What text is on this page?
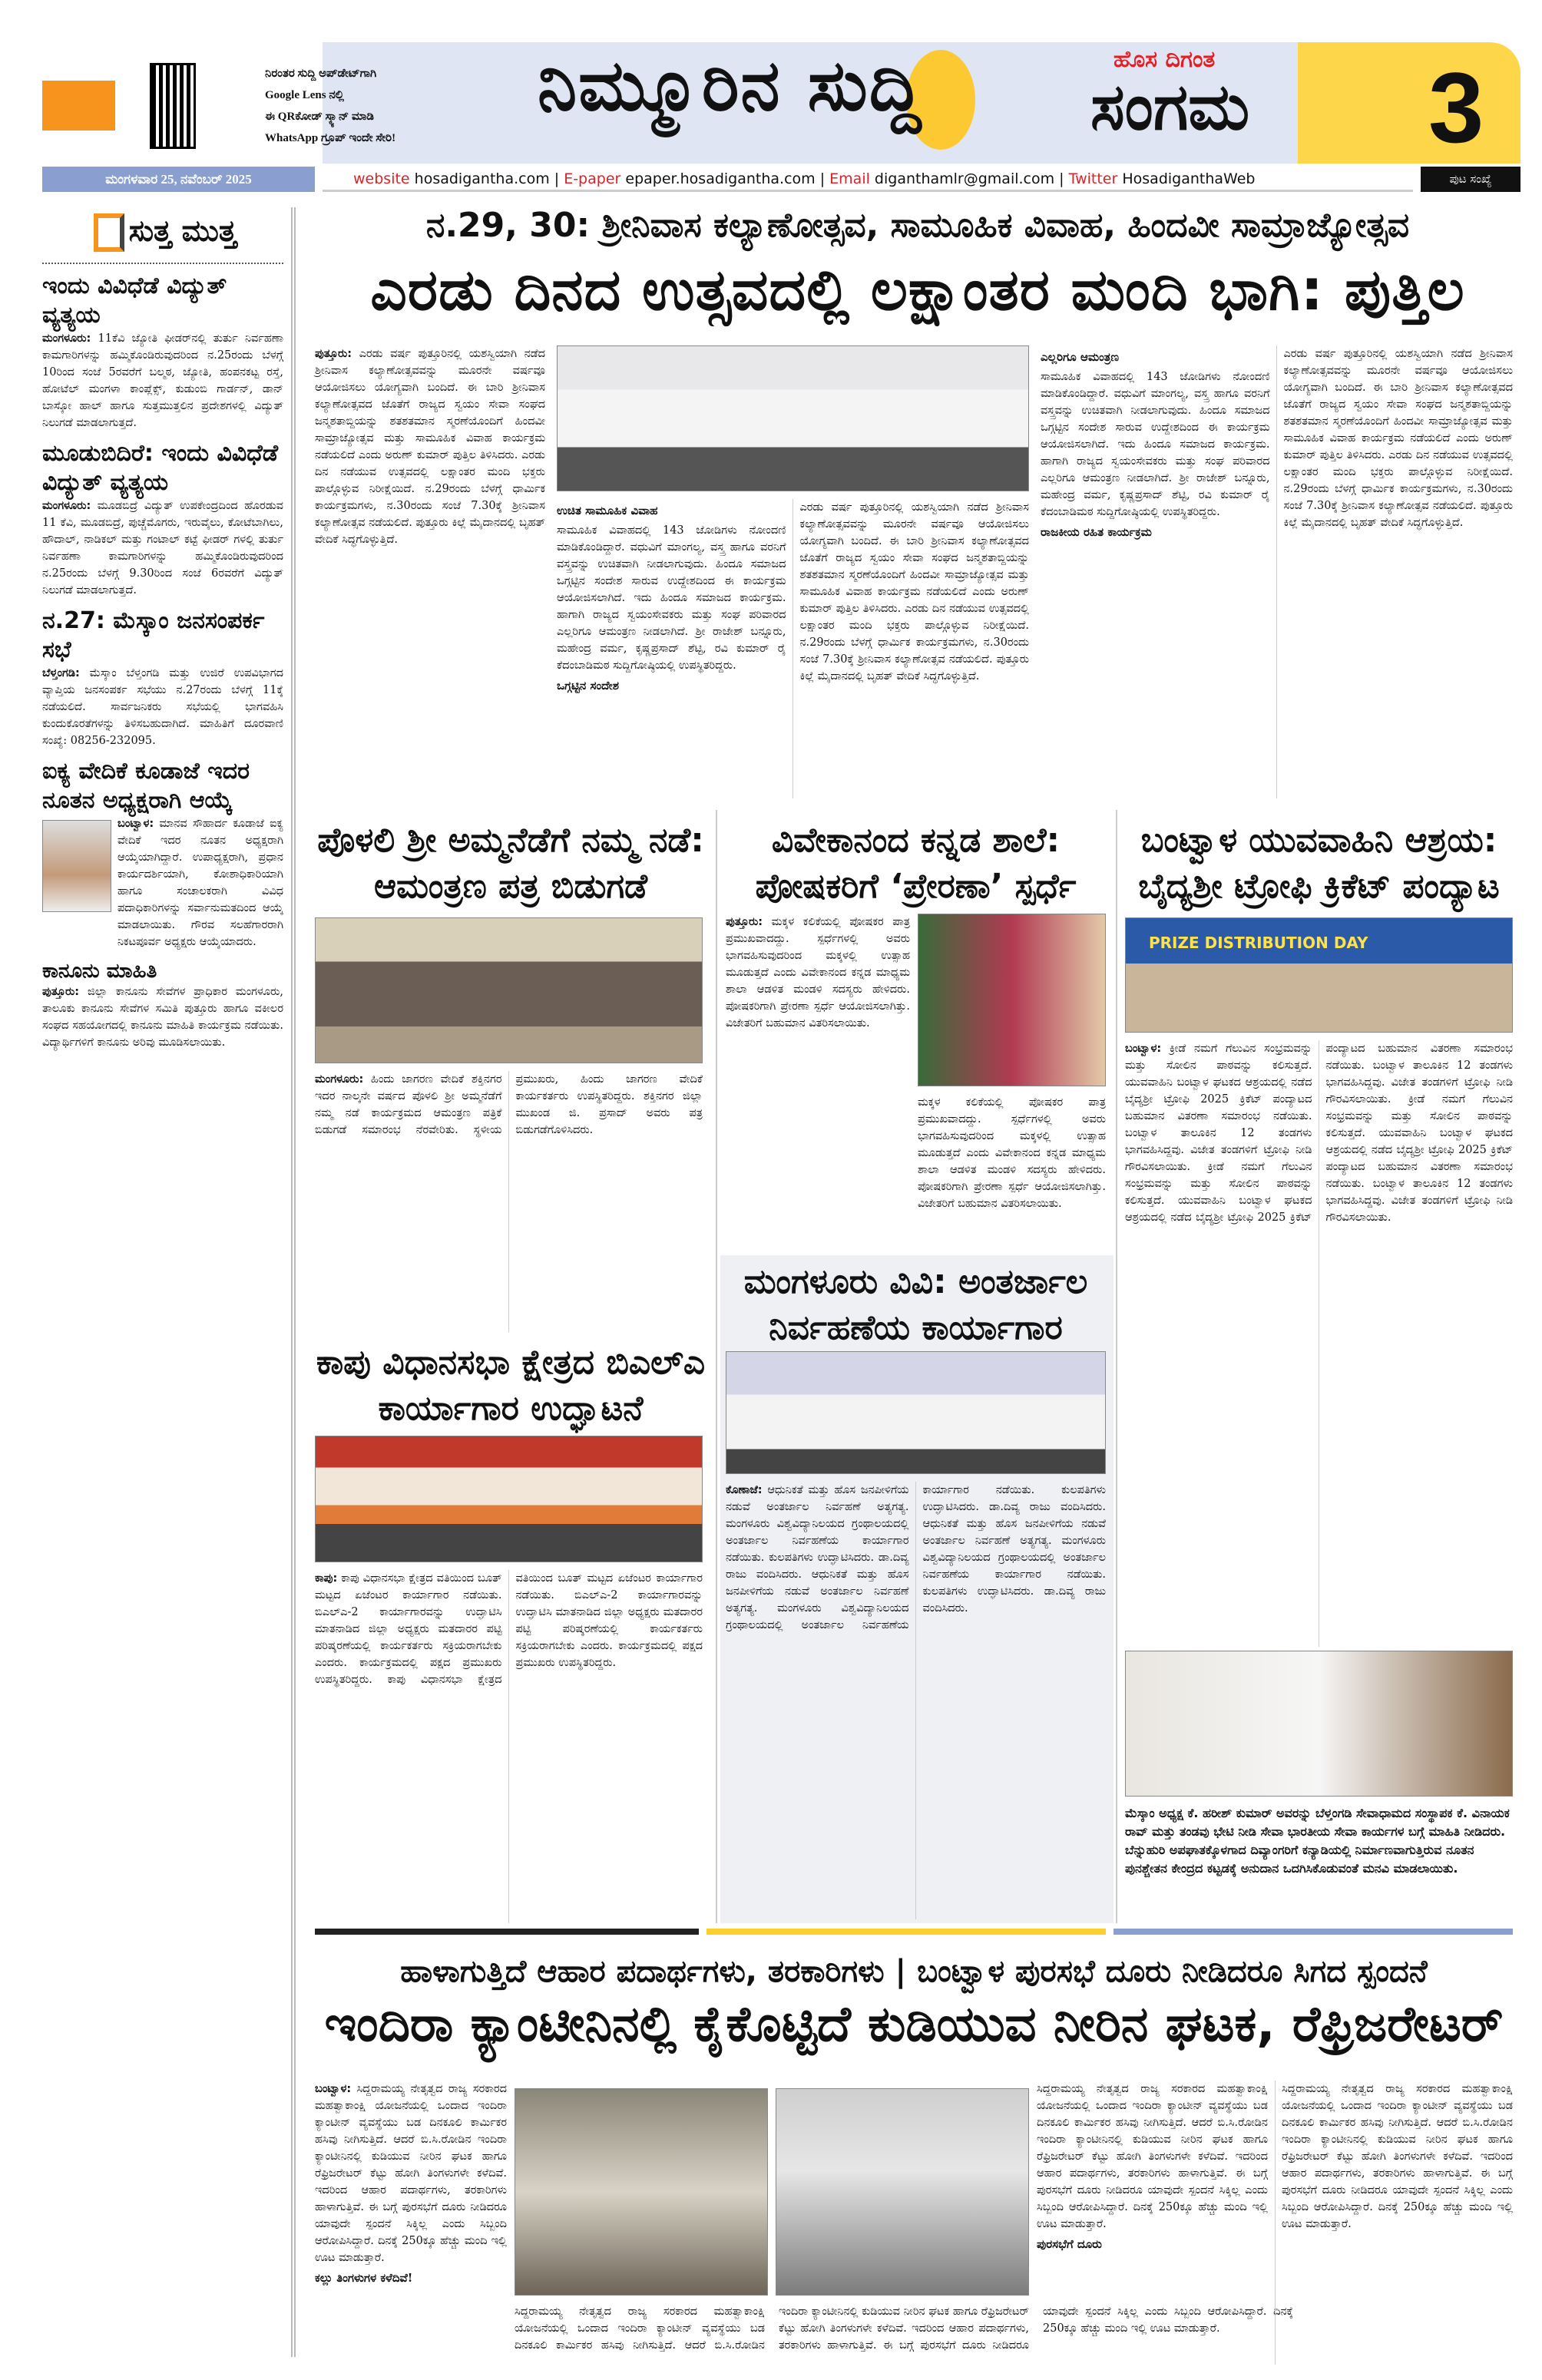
ನಿರಂತರ ಸುದ್ದಿ ಅಪ್‌ಡೇಟ್‌ಗಾಗಿ
Google Lens ನಲ್ಲಿ
ಈ QRಕೋಡ್ ಸ್ಕ್ಯಾನ್ ಮಾಡಿ
WhatsApp ಗ್ರೂಪ್ ಇಂದೇ ಸೇರಿ!
ನಿಮ್ಮೂರಿನ ಸುದ್ದಿ	ಹೊಸ ದಿಗಂತ
ಸಂಗಮ 3
ಮಂಗಳವಾರ 25, ನವೆಂಬರ್ 2025	website hosadigantha.com | E-paper epaper.hosadigantha.com | Email diganthamlr@gmail.com | Twitter HosadiganthaWeb	ಪುಟ ಸಂಖ್ಯೆ
ಸುತ್ತ ಮುತ್ತ
ಇಂದು ವಿವಿಧೆಡೆ ವಿದ್ಯುತ್ ವ್ಯತ್ಯಯ

ಮಂಗಳೂರು: 11ಕೆವಿ ಜ್ಯೋತಿ ಫೀಡರ್‌ನಲ್ಲಿ ತುರ್ತು ನಿರ್ವಹಣಾ ಕಾಮಗಾರಿಗಳನ್ನು ಹಮ್ಮಿಕೊಂಡಿರುವುದರಿಂದ ನ.25ರಂದು ಬೆಳಗ್ಗೆ 10ರಿಂದ ಸಂಜೆ 5ರವರೆಗೆ ಬಲ್ಮಠ, ಜ್ಯೋತಿ, ಹಂಪನಕಟ್ಟ ರಸ್ತೆ, ಹೋಟೆಲ್ ಮಂಗಳಾ ಕಾಂಪ್ಲೆಕ್ಸ್, ಕುಡುಂಬಿ ಗಾರ್ಡನ್, ಡಾನ್ ಬಾಸ್ಕೋ ಹಾಲ್ ಹಾಗೂ ಸುತ್ತಮುತ್ತಲಿನ ಪ್ರದೇಶಗಳಲ್ಲಿ ವಿದ್ಯುತ್ ನಿಲುಗಡೆ ಮಾಡಲಾಗುತ್ತದೆ.

ಮೂಡುಬಿದಿರೆ: ಇಂದು ವಿವಿಧೆಡೆ ವಿದ್ಯುತ್ ವ್ಯತ್ಯಯ

ಮಂಗಳೂರು: ಮೂಡಬಿದ್ರೆ ವಿದ್ಯುತ್ ಉಪಕೇಂದ್ರದಿಂದ ಹೊರಡುವ 11 ಕೆವಿ, ಮೂಡಬಿದ್ರೆ, ಪುಚ್ಚೆಮೊಗರು, ಇರುವೈಲು, ಕೋಟೆಬಾಗಿಲು, ಹೌದಾಲ್, ನಾಡಿಕಲ್ ಮತ್ತು ಗಂಟಾಲ್ ಕಟ್ಟೆ ಫೀಡರ್ ಗಳಲ್ಲಿ ತುರ್ತು ನಿರ್ವಹಣಾ ಕಾಮಗಾರಿಗಳನ್ನು ಹಮ್ಮಿಕೊಂಡಿರುವುದರಿಂದ ನ.25ರಂದು ಬೆಳಗ್ಗೆ 9.30ರಿಂದ ಸಂಜೆ 6ರವರೆಗೆ ವಿದ್ಯುತ್ ನಿಲುಗಡೆ ಮಾಡಲಾಗುತ್ತದೆ.

ನ.27: ಮೆಸ್ಕಾಂ ಜನಸಂಪರ್ಕ ಸಭೆ

ಬೆಳ್ತಂಗಡಿ: ಮೆಸ್ಕಾಂ ಬೆಳ್ತಂಗಡಿ ಮತ್ತು ಉಜಿರೆ ಉಪವಿಭಾಗದ ವ್ಯಾಪ್ತಿಯ ಜನಸಂಪರ್ಕ ಸಭೆಯು ನ.27ರಂದು ಬೆಳಗ್ಗೆ 11ಕ್ಕೆ ನಡೆಯಲಿದೆ. ಸಾರ್ವಜನಿಕರು ಸಭೆಯಲ್ಲಿ ಭಾಗವಹಿಸಿ ಕುಂದುಕೊರತೆಗಳನ್ನು ತಿಳಿಸಬಹುದಾಗಿದೆ. ಮಾಹಿತಿಗೆ ದೂರವಾಣಿ ಸಂಖ್ಯೆ: 08256-232095.

ಐಕ್ಯ ವೇದಿಕೆ ಕೂಡಾಜೆ ಇದರ ನೂತನ ಅಧ್ಯಕ್ಷರಾಗಿ ಆಯ್ಕೆ

ಬಂಟ್ವಾಳ: ಮಾನವ ಸೌಹಾರ್ದ ಕೂಡಾಜೆ ಐಕ್ಯ ವೇದಿಕೆ ಇದರ ನೂತನ ಅಧ್ಯಕ್ಷರಾಗಿ ಆಯ್ಕೆಯಾಗಿದ್ದಾರೆ. ಉಪಾಧ್ಯಕ್ಷರಾಗಿ, ಪ್ರಧಾನ ಕಾರ್ಯದರ್ಶಿಯಾಗಿ, ಕೋಶಾಧಿಕಾರಿಯಾಗಿ ಹಾಗೂ ಸಂಚಾಲಕರಾಗಿ ವಿವಿಧ ಪದಾಧಿಕಾರಿಗಳನ್ನು ಸರ್ವಾನುಮತದಿಂದ ಆಯ್ಕೆ ಮಾಡಲಾಯಿತು. ಗೌರವ ಸಲಹೆಗಾರರಾಗಿ ನಿಕಟಪೂರ್ವ ಅಧ್ಯಕ್ಷರು ಆಯ್ಕೆಯಾದರು.

ಕಾನೂನು ಮಾಹಿತಿ

ಪುತ್ತೂರು: ಜಿಲ್ಲಾ ಕಾನೂನು ಸೇವೆಗಳ ಪ್ರಾಧಿಕಾರ ಮಂಗಳೂರು, ತಾಲೂಕು ಕಾನೂನು ಸೇವೆಗಳ ಸಮಿತಿ ಪುತ್ತೂರು ಹಾಗೂ ವಕೀಲರ ಸಂಘದ ಸಹಯೋಗದಲ್ಲಿ ಕಾನೂನು ಮಾಹಿತಿ ಕಾರ್ಯಕ್ರಮ ನಡೆಯಿತು. ವಿದ್ಯಾರ್ಥಿಗಳಿಗೆ ಕಾನೂನು ಅರಿವು ಮೂಡಿಸಲಾಯಿತು.

ನ.29, 30: ಶ್ರೀನಿವಾಸ ಕಲ್ಯಾಣೋತ್ಸವ, ಸಾಮೂಹಿಕ ವಿವಾಹ, ಹಿಂದವೀ ಸಾಮ್ರಾಜ್ಯೋತ್ಸವ
ಎರಡು ದಿನದ ಉತ್ಸವದಲ್ಲಿ ಲಕ್ಷಾಂತರ ಮಂದಿ ಭಾಗಿ: ಪುತ್ತಿಲ
ಪುತ್ತೂರು: ಎರಡು ವರ್ಷ ಪುತ್ತೂರಿನಲ್ಲಿ ಯಶಸ್ವಿಯಾಗಿ ನಡೆದ ಶ್ರೀನಿವಾಸ ಕಲ್ಯಾಣೋತ್ಸವವನ್ನು ಮೂರನೇ ವರ್ಷವೂ ಆಯೋಜಿಸಲು ಯೋಗ್ಯವಾಗಿ ಬಂದಿದೆ. ಈ ಬಾರಿ ಶ್ರೀನಿವಾಸ ಕಲ್ಯಾಣೋತ್ಸವದ ಜೊತೆಗೆ ರಾಜ್ಯದ ಸ್ವಯಂ ಸೇವಾ ಸಂಘದ ಜನ್ಮಶತಾಬ್ದಿಯನ್ನು ಶತಶತಮಾನ ಸ್ಮರಣೆಯೊಂದಿಗೆ ಹಿಂದವೀ ಸಾಮ್ರಾಜ್ಯೋತ್ಸವ ಮತ್ತು ಸಾಮೂಹಿಕ ವಿವಾಹ ಕಾರ್ಯಕ್ರಮ ನಡೆಯಲಿದೆ ಎಂದು ಅರುಣ್ ಕುಮಾರ್ ಪುತ್ತಿಲ ತಿಳಿಸಿದರು. ಎರಡು ದಿನ ನಡೆಯುವ ಉತ್ಸವದಲ್ಲಿ ಲಕ್ಷಾಂತರ ಮಂದಿ ಭಕ್ತರು ಪಾಲ್ಗೊಳ್ಳುವ ನಿರೀಕ್ಷೆಯಿದೆ. ನ.29ರಂದು ಬೆಳಗ್ಗೆ ಧಾರ್ಮಿಕ ಕಾರ್ಯಕ್ರಮಗಳು, ನ.30ರಂದು ಸಂಜೆ 7.30ಕ್ಕೆ ಶ್ರೀನಿವಾಸ ಕಲ್ಯಾಣೋತ್ಸವ ನಡೆಯಲಿದೆ. ಪುತ್ತೂರು ಕಿಲ್ಲೆ ಮೈದಾನದಲ್ಲಿ ಬೃಹತ್ ವೇದಿಕೆ ಸಿದ್ಧಗೊಳ್ಳುತ್ತಿದೆ.
ಉಚಿತ ಸಾಮೂಹಿಕ ವಿವಾಹ
ಸಾಮೂಹಿಕ ವಿವಾಹದಲ್ಲಿ 143 ಜೋಡಿಗಳು ನೋಂದಣಿ ಮಾಡಿಕೊಂಡಿದ್ದಾರೆ. ವಧುವಿಗೆ ಮಾಂಗಲ್ಯ, ವಸ್ತ್ರ ಹಾಗೂ ವರನಿಗೆ ವಸ್ತ್ರವನ್ನು ಉಚಿತವಾಗಿ ನೀಡಲಾಗುವುದು. ಹಿಂದೂ ಸಮಾಜದ ಒಗ್ಗಟ್ಟಿನ ಸಂದೇಶ ಸಾರುವ ಉದ್ದೇಶದಿಂದ ಈ ಕಾರ್ಯಕ್ರಮ ಆಯೋಜಿಸಲಾಗಿದೆ. ಇದು ಹಿಂದೂ ಸಮಾಜದ ಕಾರ್ಯಕ್ರಮ. ಹಾಗಾಗಿ ರಾಜ್ಯದ ಸ್ವಯಂಸೇವಕರು ಮತ್ತು ಸಂಘ ಪರಿವಾರದ ಎಲ್ಲರಿಗೂ ಆಮಂತ್ರಣ ನೀಡಲಾಗಿದೆ. ಶ್ರೀ ರಾಜೇಶ್ ಬನ್ನೂರು, ಮಹೇಂದ್ರ ವರ್ಮ, ಕೃಷ್ಣಪ್ರಸಾದ್ ಶೆಟ್ಟಿ, ರವಿ ಕುಮಾರ್ ರೈ ಕೆದಂಬಾಡಿಮಠ ಸುದ್ದಿಗೋಷ್ಠಿಯಲ್ಲಿ ಉಪಸ್ಥಿತರಿದ್ದರು.
ಒಗ್ಗಟ್ಟಿನ ಸಂದೇಶ
ಎರಡು ವರ್ಷ ಪುತ್ತೂರಿನಲ್ಲಿ ಯಶಸ್ವಿಯಾಗಿ ನಡೆದ ಶ್ರೀನಿವಾಸ ಕಲ್ಯಾಣೋತ್ಸವವನ್ನು ಮೂರನೇ ವರ್ಷವೂ ಆಯೋಜಿಸಲು ಯೋಗ್ಯವಾಗಿ ಬಂದಿದೆ. ಈ ಬಾರಿ ಶ್ರೀನಿವಾಸ ಕಲ್ಯಾಣೋತ್ಸವದ ಜೊತೆಗೆ ರಾಜ್ಯದ ಸ್ವಯಂ ಸೇವಾ ಸಂಘದ ಜನ್ಮಶತಾಬ್ದಿಯನ್ನು ಶತಶತಮಾನ ಸ್ಮರಣೆಯೊಂದಿಗೆ ಹಿಂದವೀ ಸಾಮ್ರಾಜ್ಯೋತ್ಸವ ಮತ್ತು ಸಾಮೂಹಿಕ ವಿವಾಹ ಕಾರ್ಯಕ್ರಮ ನಡೆಯಲಿದೆ ಎಂದು ಅರುಣ್ ಕುಮಾರ್ ಪುತ್ತಿಲ ತಿಳಿಸಿದರು. ಎರಡು ದಿನ ನಡೆಯುವ ಉತ್ಸವದಲ್ಲಿ ಲಕ್ಷಾಂತರ ಮಂದಿ ಭಕ್ತರು ಪಾಲ್ಗೊಳ್ಳುವ ನಿರೀಕ್ಷೆಯಿದೆ. ನ.29ರಂದು ಬೆಳಗ್ಗೆ ಧಾರ್ಮಿಕ ಕಾರ್ಯಕ್ರಮಗಳು, ನ.30ರಂದು ಸಂಜೆ 7.30ಕ್ಕೆ ಶ್ರೀನಿವಾಸ ಕಲ್ಯಾಣೋತ್ಸವ ನಡೆಯಲಿದೆ. ಪುತ್ತೂರು ಕಿಲ್ಲೆ ಮೈದಾನದಲ್ಲಿ ಬೃಹತ್ ವೇದಿಕೆ ಸಿದ್ಧಗೊಳ್ಳುತ್ತಿದೆ.
ಎಲ್ಲರಿಗೂ ಆಮಂತ್ರಣ
ಸಾಮೂಹಿಕ ವಿವಾಹದಲ್ಲಿ 143 ಜೋಡಿಗಳು ನೋಂದಣಿ ಮಾಡಿಕೊಂಡಿದ್ದಾರೆ. ವಧುವಿಗೆ ಮಾಂಗಲ್ಯ, ವಸ್ತ್ರ ಹಾಗೂ ವರನಿಗೆ ವಸ್ತ್ರವನ್ನು ಉಚಿತವಾಗಿ ನೀಡಲಾಗುವುದು. ಹಿಂದೂ ಸಮಾಜದ ಒಗ್ಗಟ್ಟಿನ ಸಂದೇಶ ಸಾರುವ ಉದ್ದೇಶದಿಂದ ಈ ಕಾರ್ಯಕ್ರಮ ಆಯೋಜಿಸಲಾಗಿದೆ. ಇದು ಹಿಂದೂ ಸಮಾಜದ ಕಾರ್ಯಕ್ರಮ. ಹಾಗಾಗಿ ರಾಜ್ಯದ ಸ್ವಯಂಸೇವಕರು ಮತ್ತು ಸಂಘ ಪರಿವಾರದ ಎಲ್ಲರಿಗೂ ಆಮಂತ್ರಣ ನೀಡಲಾಗಿದೆ. ಶ್ರೀ ರಾಜೇಶ್ ಬನ್ನೂರು, ಮಹೇಂದ್ರ ವರ್ಮ, ಕೃಷ್ಣಪ್ರಸಾದ್ ಶೆಟ್ಟಿ, ರವಿ ಕುಮಾರ್ ರೈ ಕೆದಂಬಾಡಿಮಠ ಸುದ್ದಿಗೋಷ್ಠಿಯಲ್ಲಿ ಉಪಸ್ಥಿತರಿದ್ದರು.
ರಾಜಕೀಯ ರಹಿತ ಕಾರ್ಯಕ್ರಮ
ಎರಡು ವರ್ಷ ಪುತ್ತೂರಿನಲ್ಲಿ ಯಶಸ್ವಿಯಾಗಿ ನಡೆದ ಶ್ರೀನಿವಾಸ ಕಲ್ಯಾಣೋತ್ಸವವನ್ನು ಮೂರನೇ ವರ್ಷವೂ ಆಯೋಜಿಸಲು ಯೋಗ್ಯವಾಗಿ ಬಂದಿದೆ. ಈ ಬಾರಿ ಶ್ರೀನಿವಾಸ ಕಲ್ಯಾಣೋತ್ಸವದ ಜೊತೆಗೆ ರಾಜ್ಯದ ಸ್ವಯಂ ಸೇವಾ ಸಂಘದ ಜನ್ಮಶತಾಬ್ದಿಯನ್ನು ಶತಶತಮಾನ ಸ್ಮರಣೆಯೊಂದಿಗೆ ಹಿಂದವೀ ಸಾಮ್ರಾಜ್ಯೋತ್ಸವ ಮತ್ತು ಸಾಮೂಹಿಕ ವಿವಾಹ ಕಾರ್ಯಕ್ರಮ ನಡೆಯಲಿದೆ ಎಂದು ಅರುಣ್ ಕುಮಾರ್ ಪುತ್ತಿಲ ತಿಳಿಸಿದರು. ಎರಡು ದಿನ ನಡೆಯುವ ಉತ್ಸವದಲ್ಲಿ ಲಕ್ಷಾಂತರ ಮಂದಿ ಭಕ್ತರು ಪಾಲ್ಗೊಳ್ಳುವ ನಿರೀಕ್ಷೆಯಿದೆ. ನ.29ರಂದು ಬೆಳಗ್ಗೆ ಧಾರ್ಮಿಕ ಕಾರ್ಯಕ್ರಮಗಳು, ನ.30ರಂದು ಸಂಜೆ 7.30ಕ್ಕೆ ಶ್ರೀನಿವಾಸ ಕಲ್ಯಾಣೋತ್ಸವ ನಡೆಯಲಿದೆ. ಪುತ್ತೂರು ಕಿಲ್ಲೆ ಮೈದಾನದಲ್ಲಿ ಬೃಹತ್ ವೇದಿಕೆ ಸಿದ್ಧಗೊಳ್ಳುತ್ತಿದೆ.
ಪೊಳಲಿ ಶ್ರೀ ಅಮ್ಮನೆಡೆಗೆ ನಮ್ಮ ನಡೆ: ಆಮಂತ್ರಣ ಪತ್ರ ಬಿಡುಗಡೆ
ಮಂಗಳೂರು: ಹಿಂದು ಜಾಗರಣ ವೇದಿಕೆ ಶಕ್ತಿನಗರ ಇದರ ನಾಲ್ಕನೇ ವರ್ಷದ ಪೊಳಲಿ ಶ್ರೀ ಅಮ್ಮನೆಡೆಗೆ ನಮ್ಮ ನಡೆ ಕಾರ್ಯಕ್ರಮದ ಆಮಂತ್ರಣ ಪತ್ರಿಕೆ ಬಿಡುಗಡೆ ಸಮಾರಂಭ ನೆರವೇರಿತು. ಸ್ಥಳೀಯ ಪ್ರಮುಖರು, ಹಿಂದು ಜಾಗರಣ ವೇದಿಕೆ ಕಾರ್ಯಕರ್ತರು ಉಪಸ್ಥಿತರಿದ್ದರು. ಶಕ್ತಿನಗರ ಜಿಲ್ಲಾ ಮುಖಂಡ ಜಿ. ಪ್ರಸಾದ್ ಅವರು ಪತ್ರ ಬಿಡುಗಡೆಗೊಳಿಸಿದರು.
ವಿವೇಕಾನಂದ ಕನ್ನಡ ಶಾಲೆ: ಪೋಷಕರಿಗೆ ‘ಪ್ರೇರಣಾ’ ಸ್ಪರ್ಧೆ
ಪುತ್ತೂರು: ಮಕ್ಕಳ ಕಲಿಕೆಯಲ್ಲಿ ಪೋಷಕರ ಪಾತ್ರ ಪ್ರಮುಖವಾದದ್ದು. ಸ್ಪರ್ಧೆಗಳಲ್ಲಿ ಅವರು ಭಾಗವಹಿಸುವುದರಿಂದ ಮಕ್ಕಳಲ್ಲಿ ಉತ್ಸಾಹ ಮೂಡುತ್ತದೆ ಎಂದು ವಿವೇಕಾನಂದ ಕನ್ನಡ ಮಾಧ್ಯಮ ಶಾಲಾ ಆಡಳಿತ ಮಂಡಳಿ ಸದಸ್ಯರು ಹೇಳಿದರು. ಪೋಷಕರಿಗಾಗಿ ಪ್ರೇರಣಾ ಸ್ಪರ್ಧೆ ಆಯೋಜಿಸಲಾಗಿತ್ತು. ವಿಜೇತರಿಗೆ ಬಹುಮಾನ ವಿತರಿಸಲಾಯಿತು.
ಮಕ್ಕಳ ಕಲಿಕೆಯಲ್ಲಿ ಪೋಷಕರ ಪಾತ್ರ ಪ್ರಮುಖವಾದದ್ದು. ಸ್ಪರ್ಧೆಗಳಲ್ಲಿ ಅವರು ಭಾಗವಹಿಸುವುದರಿಂದ ಮಕ್ಕಳಲ್ಲಿ ಉತ್ಸಾಹ ಮೂಡುತ್ತದೆ ಎಂದು ವಿವೇಕಾನಂದ ಕನ್ನಡ ಮಾಧ್ಯಮ ಶಾಲಾ ಆಡಳಿತ ಮಂಡಳಿ ಸದಸ್ಯರು ಹೇಳಿದರು. ಪೋಷಕರಿಗಾಗಿ ಪ್ರೇರಣಾ ಸ್ಪರ್ಧೆ ಆಯೋಜಿಸಲಾಗಿತ್ತು. ವಿಜೇತರಿಗೆ ಬಹುಮಾನ ವಿತರಿಸಲಾಯಿತು.
ಬಂಟ್ವಾಳ ಯುವವಾಹಿನಿ ಆಶ್ರಯ: ಬೈದ್ಯಶ್ರೀ ಟ್ರೋಫಿ ಕ್ರಿಕೆಟ್ ಪಂದ್ಯಾಟ
PRIZE DISTRIBUTION DAY
ಬಂಟ್ವಾಳ: ಕ್ರೀಡೆ ನಮಗೆ ಗೆಲುವಿನ ಸಂಭ್ರಮವನ್ನು ಮತ್ತು ಸೋಲಿನ ಪಾಠವನ್ನು ಕಲಿಸುತ್ತದೆ. ಯುವವಾಹಿನಿ ಬಂಟ್ವಾಳ ಘಟಕದ ಆಶ್ರಯದಲ್ಲಿ ನಡೆದ ಬೈದ್ಯಶ್ರೀ ಟ್ರೋಫಿ 2025 ಕ್ರಿಕೆಟ್ ಪಂದ್ಯಾಟದ ಬಹುಮಾನ ವಿತರಣಾ ಸಮಾರಂಭ ನಡೆಯಿತು. ಬಂಟ್ವಾಳ ತಾಲೂಕಿನ 12 ತಂಡಗಳು ಭಾಗವಹಿಸಿದ್ದವು. ವಿಜೇತ ತಂಡಗಳಿಗೆ ಟ್ರೋಫಿ ನೀಡಿ ಗೌರವಿಸಲಾಯಿತು. ಕ್ರೀಡೆ ನಮಗೆ ಗೆಲುವಿನ ಸಂಭ್ರಮವನ್ನು ಮತ್ತು ಸೋಲಿನ ಪಾಠವನ್ನು ಕಲಿಸುತ್ತದೆ. ಯುವವಾಹಿನಿ ಬಂಟ್ವಾಳ ಘಟಕದ ಆಶ್ರಯದಲ್ಲಿ ನಡೆದ ಬೈದ್ಯಶ್ರೀ ಟ್ರೋಫಿ 2025 ಕ್ರಿಕೆಟ್ ಪಂದ್ಯಾಟದ ಬಹುಮಾನ ವಿತರಣಾ ಸಮಾರಂಭ ನಡೆಯಿತು. ಬಂಟ್ವಾಳ ತಾಲೂಕಿನ 12 ತಂಡಗಳು ಭಾಗವಹಿಸಿದ್ದವು. ವಿಜೇತ ತಂಡಗಳಿಗೆ ಟ್ರೋಫಿ ನೀಡಿ ಗೌರವಿಸಲಾಯಿತು. ಕ್ರೀಡೆ ನಮಗೆ ಗೆಲುವಿನ ಸಂಭ್ರಮವನ್ನು ಮತ್ತು ಸೋಲಿನ ಪಾಠವನ್ನು ಕಲಿಸುತ್ತದೆ. ಯುವವಾಹಿನಿ ಬಂಟ್ವಾಳ ಘಟಕದ ಆಶ್ರಯದಲ್ಲಿ ನಡೆದ ಬೈದ್ಯಶ್ರೀ ಟ್ರೋಫಿ 2025 ಕ್ರಿಕೆಟ್ ಪಂದ್ಯಾಟದ ಬಹುಮಾನ ವಿತರಣಾ ಸಮಾರಂಭ ನಡೆಯಿತು. ಬಂಟ್ವಾಳ ತಾಲೂಕಿನ 12 ತಂಡಗಳು ಭಾಗವಹಿಸಿದ್ದವು. ವಿಜೇತ ತಂಡಗಳಿಗೆ ಟ್ರೋಫಿ ನೀಡಿ ಗೌರವಿಸಲಾಯಿತು.
ಕಾಪು ವಿಧಾನಸಭಾ ಕ್ಷೇತ್ರದ ಬಿಎಲ್‌ಎ ಕಾರ್ಯಾಗಾರ ಉದ್ಘಾಟನೆ
ಕಾಪು: ಕಾಪು ವಿಧಾನಸಭಾ ಕ್ಷೇತ್ರದ ವತಿಯಿಂದ ಬೂತ್ ಮಟ್ಟದ ಏಜೆಂಟರ ಕಾರ್ಯಾಗಾರ ನಡೆಯಿತು. ಬಿಎಲ್‌ಎ-2 ಕಾರ್ಯಾಗಾರವನ್ನು ಉದ್ಘಾಟಿಸಿ ಮಾತನಾಡಿದ ಜಿಲ್ಲಾ ಅಧ್ಯಕ್ಷರು ಮತದಾರರ ಪಟ್ಟಿ ಪರಿಷ್ಕರಣೆಯಲ್ಲಿ ಕಾರ್ಯಕರ್ತರು ಸಕ್ರಿಯರಾಗಬೇಕು ಎಂದರು. ಕಾರ್ಯಕ್ರಮದಲ್ಲಿ ಪಕ್ಷದ ಪ್ರಮುಖರು ಉಪಸ್ಥಿತರಿದ್ದರು. ಕಾಪು ವಿಧಾನಸಭಾ ಕ್ಷೇತ್ರದ ವತಿಯಿಂದ ಬೂತ್ ಮಟ್ಟದ ಏಜೆಂಟರ ಕಾರ್ಯಾಗಾರ ನಡೆಯಿತು. ಬಿಎಲ್‌ಎ-2 ಕಾರ್ಯಾಗಾರವನ್ನು ಉದ್ಘಾಟಿಸಿ ಮಾತನಾಡಿದ ಜಿಲ್ಲಾ ಅಧ್ಯಕ್ಷರು ಮತದಾರರ ಪಟ್ಟಿ ಪರಿಷ್ಕರಣೆಯಲ್ಲಿ ಕಾರ್ಯಕರ್ತರು ಸಕ್ರಿಯರಾಗಬೇಕು ಎಂದರು. ಕಾರ್ಯಕ್ರಮದಲ್ಲಿ ಪಕ್ಷದ ಪ್ರಮುಖರು ಉಪಸ್ಥಿತರಿದ್ದರು.
ಮಂಗಳೂರು ವಿವಿ: ಅಂತರ್ಜಾಲ ನಿರ್ವಹಣೆಯ ಕಾರ್ಯಾಗಾರ
ಕೊಣಾಜೆ: ಆಧುನಿಕತೆ ಮತ್ತು ಹೊಸ ಜನಪೀಳಿಗೆಯ ನಡುವೆ ಅಂತರ್ಜಾಲ ನಿರ್ವಹಣೆ ಅತ್ಯಗತ್ಯ. ಮಂಗಳೂರು ವಿಶ್ವವಿದ್ಯಾನಿಲಯದ ಗ್ರಂಥಾಲಯದಲ್ಲಿ ಅಂತರ್ಜಾಲ ನಿರ್ವಹಣೆಯ ಕಾರ್ಯಾಗಾರ ನಡೆಯಿತು. ಕುಲಪತಿಗಳು ಉದ್ಘಾಟಿಸಿದರು. ಡಾ.ದಿವ್ಯ ರಾಜು ವಂದಿಸಿದರು. ಆಧುನಿಕತೆ ಮತ್ತು ಹೊಸ ಜನಪೀಳಿಗೆಯ ನಡುವೆ ಅಂತರ್ಜಾಲ ನಿರ್ವಹಣೆ ಅತ್ಯಗತ್ಯ. ಮಂಗಳೂರು ವಿಶ್ವವಿದ್ಯಾನಿಲಯದ ಗ್ರಂಥಾಲಯದಲ್ಲಿ ಅಂತರ್ಜಾಲ ನಿರ್ವಹಣೆಯ ಕಾರ್ಯಾಗಾರ ನಡೆಯಿತು. ಕುಲಪತಿಗಳು ಉದ್ಘಾಟಿಸಿದರು. ಡಾ.ದಿವ್ಯ ರಾಜು ವಂದಿಸಿದರು. ಆಧುನಿಕತೆ ಮತ್ತು ಹೊಸ ಜನಪೀಳಿಗೆಯ ನಡುವೆ ಅಂತರ್ಜಾಲ ನಿರ್ವಹಣೆ ಅತ್ಯಗತ್ಯ. ಮಂಗಳೂರು ವಿಶ್ವವಿದ್ಯಾನಿಲಯದ ಗ್ರಂಥಾಲಯದಲ್ಲಿ ಅಂತರ್ಜಾಲ ನಿರ್ವಹಣೆಯ ಕಾರ್ಯಾಗಾರ ನಡೆಯಿತು. ಕುಲಪತಿಗಳು ಉದ್ಘಾಟಿಸಿದರು. ಡಾ.ದಿವ್ಯ ರಾಜು ವಂದಿಸಿದರು.
ಮೆಸ್ಕಾಂ ಅಧ್ಯಕ್ಷ ಕೆ. ಹರೀಶ್ ಕುಮಾರ್ ಅವರನ್ನು ಬೆಳ್ತಂಗಡಿ ಸೇವಾಧಾಮದ ಸಂಸ್ಥಾಪಕ ಕೆ. ವಿನಾಯಕ ರಾವ್ ಮತ್ತು ತಂಡವು ಭೇಟಿ ನೀಡಿ ಸೇವಾ ಭಾರತೀಯ ಸೇವಾ ಕಾರ್ಯಗಳ ಬಗ್ಗೆ ಮಾಹಿತಿ ನೀಡಿದರು. ಬೆನ್ನುಹುರಿ ಅಪಘಾತಕ್ಕೊಳಗಾದ ದಿವ್ಯಾಂಗರಿಗೆ ಕನ್ಯಾಡಿಯಲ್ಲಿ ನಿರ್ಮಾಣವಾಗುತ್ತಿರುವ ನೂತನ ಪುನಶ್ಚೇತನ ಕೇಂದ್ರದ ಕಟ್ಟಡಕ್ಕೆ ಅನುದಾನ ಒದಗಿಸಿಕೊಡುವಂತೆ ಮನವಿ ಮಾಡಲಾಯಿತು.
ಹಾಳಾಗುತ್ತಿದೆ ಆಹಾರ ಪದಾರ್ಥಗಳು, ತರಕಾರಿಗಳು | ಬಂಟ್ವಾಳ ಪುರಸಭೆ ದೂರು ನೀಡಿದರೂ ಸಿಗದ ಸ್ಪಂದನೆ
ಇಂದಿರಾ ಕ್ಯಾಂಟೀನಿನಲ್ಲಿ ಕೈಕೊಟ್ಟಿದೆ ಕುಡಿಯುವ ನೀರಿನ ಘಟಕ, ರೆಫ್ರಿಜರೇಟರ್
ಬಂಟ್ವಾಳ: ಸಿದ್ದರಾಮಯ್ಯ ನೇತೃತ್ವದ ರಾಜ್ಯ ಸರಕಾರದ ಮಹತ್ವಾಕಾಂಕ್ಷಿ ಯೋಜನೆಯಲ್ಲಿ ಒಂದಾದ ಇಂದಿರಾ ಕ್ಯಾಂಟೀನ್ ವ್ಯವಸ್ಥೆಯು ಬಡ ದಿನಕೂಲಿ ಕಾರ್ಮಿಕರ ಹಸಿವು ನೀಗಿಸುತ್ತಿದೆ. ಆದರೆ ಬಿ.ಸಿ.ರೋಡಿನ ಇಂದಿರಾ ಕ್ಯಾಂಟೀನಿನಲ್ಲಿ ಕುಡಿಯುವ ನೀರಿನ ಘಟಕ ಹಾಗೂ ರೆಫ್ರಿಜರೇಟರ್ ಕೆಟ್ಟು ಹೋಗಿ ತಿಂಗಳುಗಳೇ ಕಳೆದಿವೆ. ಇದರಿಂದ ಆಹಾರ ಪದಾರ್ಥಗಳು, ತರಕಾರಿಗಳು ಹಾಳಾಗುತ್ತಿವೆ. ಈ ಬಗ್ಗೆ ಪುರಸಭೆಗೆ ದೂರು ನೀಡಿದರೂ ಯಾವುದೇ ಸ್ಪಂದನೆ ಸಿಕ್ಕಿಲ್ಲ ಎಂದು ಸಿಬ್ಬಂದಿ ಆರೋಪಿಸಿದ್ದಾರೆ. ದಿನಕ್ಕೆ 250ಕ್ಕೂ ಹೆಚ್ಚು ಮಂದಿ ಇಲ್ಲಿ ಊಟ ಮಾಡುತ್ತಾರೆ.
ಕಲ್ಲು ತಿಂಗಳುಗಳ ಕಳೆದಿವೆ!
ಸಿದ್ದರಾಮಯ್ಯ ನೇತೃತ್ವದ ರಾಜ್ಯ ಸರಕಾರದ ಮಹತ್ವಾಕಾಂಕ್ಷಿ ಯೋಜನೆಯಲ್ಲಿ ಒಂದಾದ ಇಂದಿರಾ ಕ್ಯಾಂಟೀನ್ ವ್ಯವಸ್ಥೆಯು ಬಡ ದಿನಕೂಲಿ ಕಾರ್ಮಿಕರ ಹಸಿವು ನೀಗಿಸುತ್ತಿದೆ. ಆದರೆ ಬಿ.ಸಿ.ರೋಡಿನ ಇಂದಿರಾ ಕ್ಯಾಂಟೀನಿನಲ್ಲಿ ಕುಡಿಯುವ ನೀರಿನ ಘಟಕ ಹಾಗೂ ರೆಫ್ರಿಜರೇಟರ್ ಕೆಟ್ಟು ಹೋಗಿ ತಿಂಗಳುಗಳೇ ಕಳೆದಿವೆ. ಇದರಿಂದ ಆಹಾರ ಪದಾರ್ಥಗಳು, ತರಕಾರಿಗಳು ಹಾಳಾಗುತ್ತಿವೆ. ಈ ಬಗ್ಗೆ ಪುರಸಭೆಗೆ ದೂರು ನೀಡಿದರೂ ಯಾವುದೇ ಸ್ಪಂದನೆ ಸಿಕ್ಕಿಲ್ಲ ಎಂದು ಸಿಬ್ಬಂದಿ ಆರೋಪಿಸಿದ್ದಾರೆ. ದಿನಕ್ಕೆ 250ಕ್ಕೂ ಹೆಚ್ಚು ಮಂದಿ ಇಲ್ಲಿ ಊಟ ಮಾಡುತ್ತಾರೆ.
ಸಿದ್ದರಾಮಯ್ಯ ನೇತೃತ್ವದ ರಾಜ್ಯ ಸರಕಾರದ ಮಹತ್ವಾಕಾಂಕ್ಷಿ ಯೋಜನೆಯಲ್ಲಿ ಒಂದಾದ ಇಂದಿರಾ ಕ್ಯಾಂಟೀನ್ ವ್ಯವಸ್ಥೆಯು ಬಡ ದಿನಕೂಲಿ ಕಾರ್ಮಿಕರ ಹಸಿವು ನೀಗಿಸುತ್ತಿದೆ. ಆದರೆ ಬಿ.ಸಿ.ರೋಡಿನ ಇಂದಿರಾ ಕ್ಯಾಂಟೀನಿನಲ್ಲಿ ಕುಡಿಯುವ ನೀರಿನ ಘಟಕ ಹಾಗೂ ರೆಫ್ರಿಜರೇಟರ್ ಕೆಟ್ಟು ಹೋಗಿ ತಿಂಗಳುಗಳೇ ಕಳೆದಿವೆ. ಇದರಿಂದ ಆಹಾರ ಪದಾರ್ಥಗಳು, ತರಕಾರಿಗಳು ಹಾಳಾಗುತ್ತಿವೆ. ಈ ಬಗ್ಗೆ ಪುರಸಭೆಗೆ ದೂರು ನೀಡಿದರೂ ಯಾವುದೇ ಸ್ಪಂದನೆ ಸಿಕ್ಕಿಲ್ಲ ಎಂದು ಸಿಬ್ಬಂದಿ ಆರೋಪಿಸಿದ್ದಾರೆ. ದಿನಕ್ಕೆ 250ಕ್ಕೂ ಹೆಚ್ಚು ಮಂದಿ ಇಲ್ಲಿ ಊಟ ಮಾಡುತ್ತಾರೆ.
ಪುರಸಭೆಗೆ ದೂರು
ಸಿದ್ದರಾಮಯ್ಯ ನೇತೃತ್ವದ ರಾಜ್ಯ ಸರಕಾರದ ಮಹತ್ವಾಕಾಂಕ್ಷಿ ಯೋಜನೆಯಲ್ಲಿ ಒಂದಾದ ಇಂದಿರಾ ಕ್ಯಾಂಟೀನ್ ವ್ಯವಸ್ಥೆಯು ಬಡ ದಿನಕೂಲಿ ಕಾರ್ಮಿಕರ ಹಸಿವು ನೀಗಿಸುತ್ತಿದೆ. ಆದರೆ ಬಿ.ಸಿ.ರೋಡಿನ ಇಂದಿರಾ ಕ್ಯಾಂಟೀನಿನಲ್ಲಿ ಕುಡಿಯುವ ನೀರಿನ ಘಟಕ ಹಾಗೂ ರೆಫ್ರಿಜರೇಟರ್ ಕೆಟ್ಟು ಹೋಗಿ ತಿಂಗಳುಗಳೇ ಕಳೆದಿವೆ. ಇದರಿಂದ ಆಹಾರ ಪದಾರ್ಥಗಳು, ತರಕಾರಿಗಳು ಹಾಳಾಗುತ್ತಿವೆ. ಈ ಬಗ್ಗೆ ಪುರಸಭೆಗೆ ದೂರು ನೀಡಿದರೂ ಯಾವುದೇ ಸ್ಪಂದನೆ ಸಿಕ್ಕಿಲ್ಲ ಎಂದು ಸಿಬ್ಬಂದಿ ಆರೋಪಿಸಿದ್ದಾರೆ. ದಿನಕ್ಕೆ 250ಕ್ಕೂ ಹೆಚ್ಚು ಮಂದಿ ಇಲ್ಲಿ ಊಟ ಮಾಡುತ್ತಾರೆ.
